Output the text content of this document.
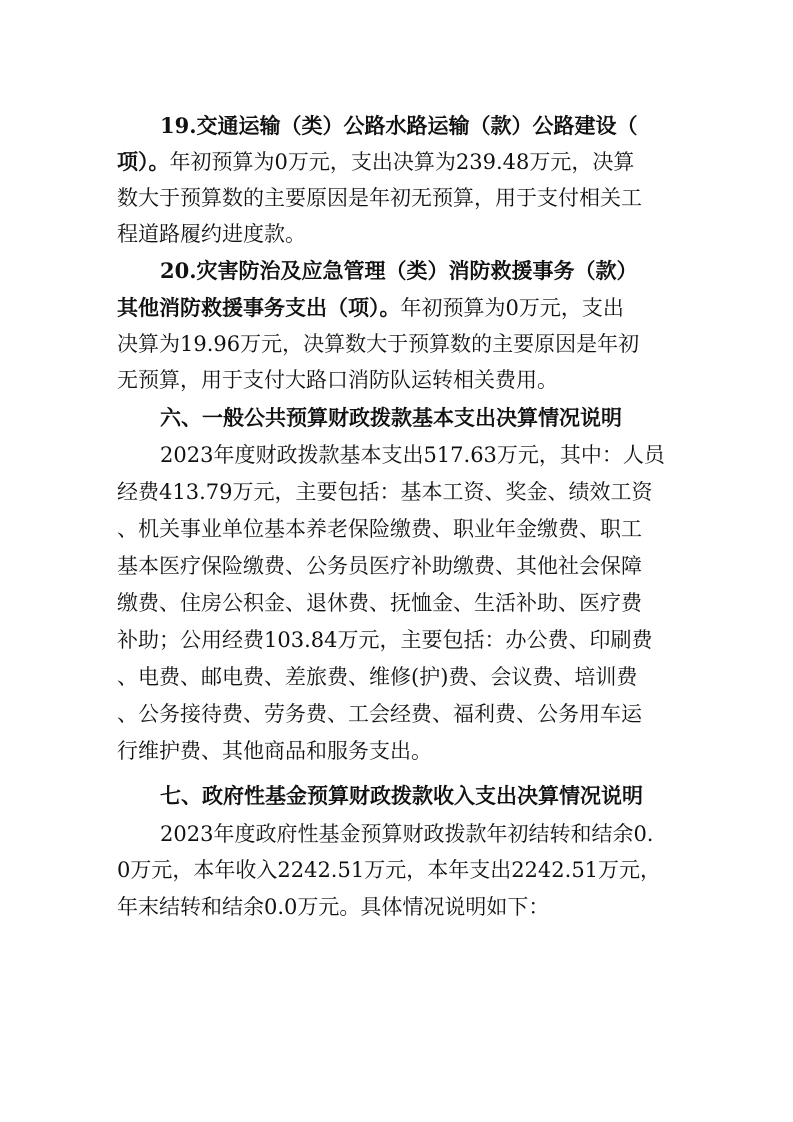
19.交通运输（类）公路水路运输（款）公路建设（
项）。年初预算为0万元，支出决算为239.48万元，决算
数大于预算数的主要原因是年初无预算，用于支付相关工
程道路履约进度款。
20.灾害防治及应急管理（类）消防救援事务（款）
其他消防救援事务支出（项）。年初预算为0万元，支出
决算为19.96万元，决算数大于预算数的主要原因是年初
无预算，用于支付大路口消防队运转相关费用。
六、一般公共预算财政拨款基本支出决算情况说明
2023年度财政拨款基本支出517.63万元，其中：人员
经费413.79万元，主要包括：基本工资、奖金、绩效工资
、机关事业单位基本养老保险缴费、职业年金缴费、职工
基本医疗保险缴费、公务员医疗补助缴费、其他社会保障
缴费、住房公积金、退休费、抚恤金、生活补助、医疗费
补助；公用经费103.84万元，主要包括：办公费、印刷费
、电费、邮电费、差旅费、维修(护)费、会议费、培训费
、公务接待费、劳务费、工会经费、福利费、公务用车运
行维护费、其他商品和服务支出。
七、政府性基金预算财政拨款收入支出决算情况说明
2023年度政府性基金预算财政拨款年初结转和结余0.
0万元，本年收入2242.51万元，本年支出2242.51万元，
年末结转和结余0.0万元。具体情况说明如下：
